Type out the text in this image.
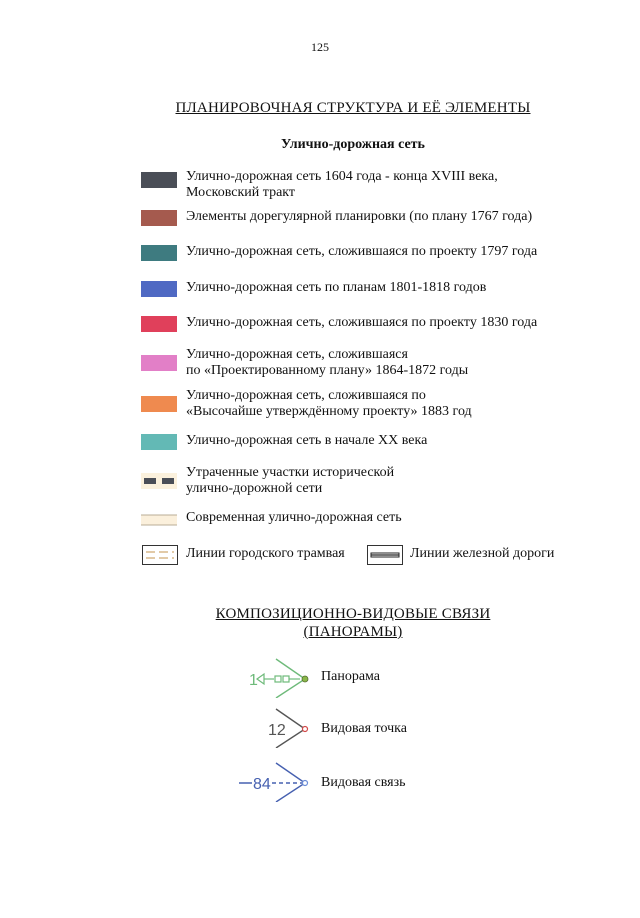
125
ПЛАНИРОВОЧНАЯ СТРУКТУРА И ЕЁ ЭЛЕМЕНТЫ
Улично-дорожная сеть
Улично-дорожная сеть 1604 года - конца XVIII века,
Московский тракт
Элементы дорегулярной планировки (по плану 1767 года)
Улично-дорожная сеть, сложившаяся по проекту 1797 года
Улично-дорожная сеть по планам 1801-1818 годов
Улично-дорожная сеть, сложившаяся по проекту 1830 года
Улично-дорожная сеть, сложившаяся
по «Проектированному плану» 1864-1872 годы
Улично-дорожная сеть, сложившаяся по
«Высочайше утверждённому проекту» 1883 год
Улично-дорожная сеть в начале XX века
Утраченные участки исторической
улично-дорожной сети
Современная улично-дорожная сеть
Линии городского трамвая	Линии железной дороги
КОМПОЗИЦИОННО-ВИДОВЫЕ СВЯЗИ
(ПАНОРАМЫ)
1	Панорама
12	Видовая точка
84	Видовая связь
